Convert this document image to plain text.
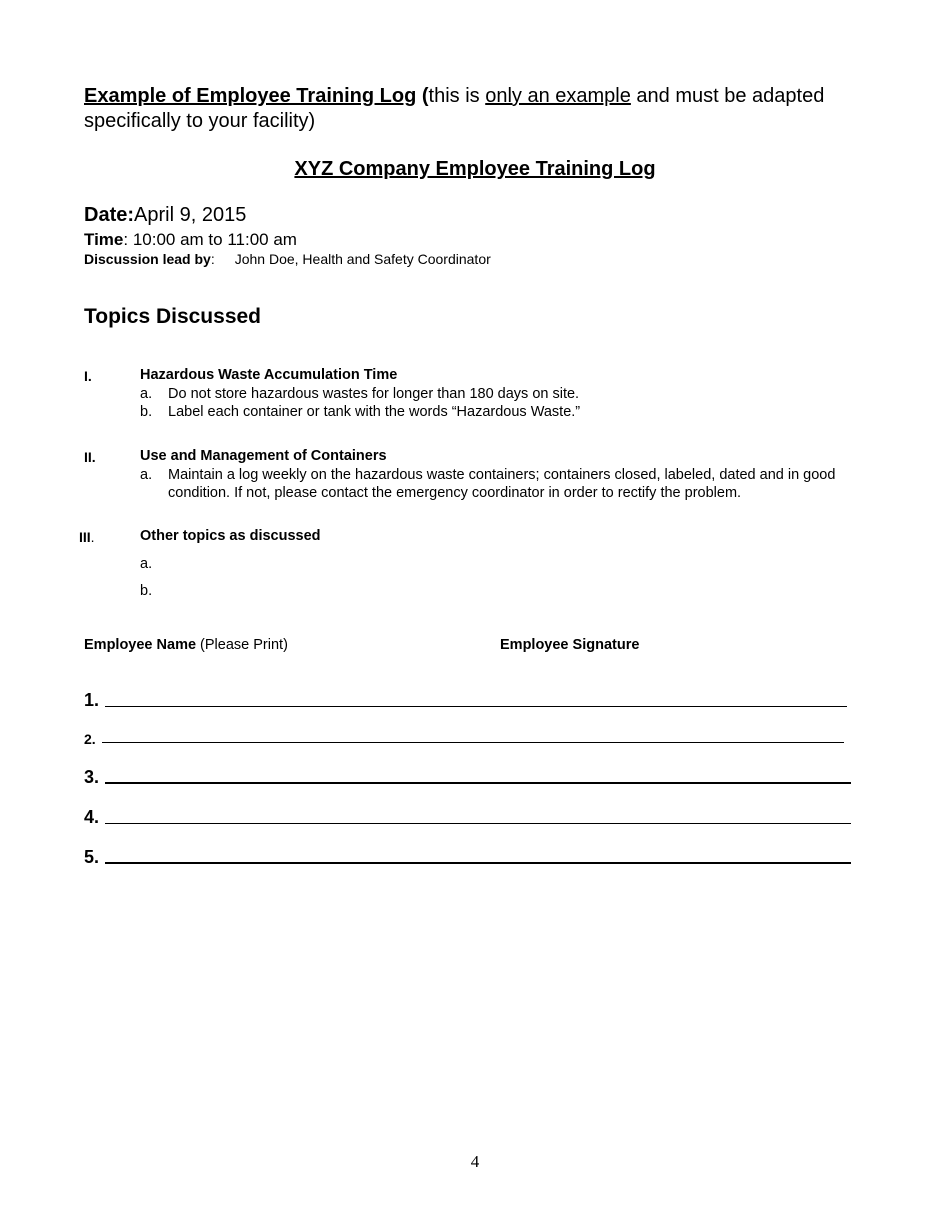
Example of Employee Training Log (this is only an example and must be adapted specifically to your facility)
XYZ Company Employee Training Log
Date:April 9, 2015
Time: 10:00 am to 11:00 am
Discussion lead by: John Doe, Health and Safety Coordinator
Topics Discussed
I.	Hazardous Waste Accumulation Time
a. Do not store hazardous wastes for longer than 180 days on site.
b. Label each container or tank with the words “Hazardous Waste.”
II.	Use and Management of Containers
a.	Maintain a log weekly on the hazardous waste containers; containers closed, labeled, dated and in good condition. If not, please contact the emergency coordinator in order to rectify the problem.
III.	Other topics as discussed
a.
b.
Employee Name (Please Print)	Employee Signature
1.
2.
3.
4.
5.
4
